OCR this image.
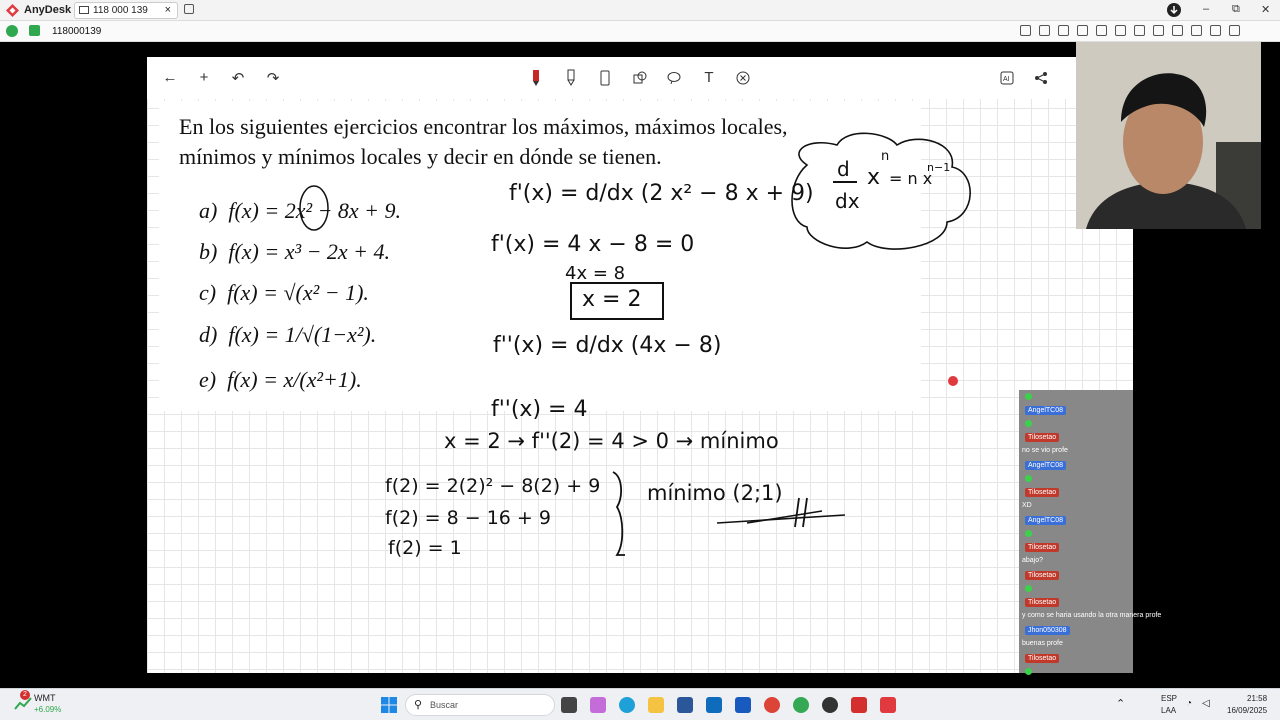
AnyDesk	118 000 139 ×	– ⧉ ✕
118000139
←	+	↶ ↷	T	AI
En los siguientes ejercicios encontrar los máximos, máximos locales,
mínimos y mínimos locales y decir en dónde se tienen.
a) f(x) = 2x² − 8x + 9.
b) f(x) = x³ − 2x + 4.
c) f(x) = √(x² − 1).
d) f(x) = 1/√(1−x²).
e) f(x) = x/(x²+1).
f'(x) = d/dx (2 x² − 8 x + 9)
f'(x) = 4 x − 8 = 0
4x = 8
x = 2
f''(x) = d/dx (4x − 8)
f''(x) = 4
x = 2 → f''(2) = 4 > 0 → mínimo
f(2) = 2(2)² − 8(2) + 9
f(2) = 8 − 16 + 9
f(2) = 1
mínimo (2;1)
d
dx
x
n
= n x
n−1
AngelTC08
Tilosetao
no se vio profe
AngelTC08
Tilosetao
XD
AngelTC08
Tilosetao
abajo?
Tilosetao
Tilosetao
y como se haria usando la otra manera profe
Jhon050308
buenas profe
Tilosetao
2 WMT
+6.09%	⚲ Buscar	⌃	ESP
LAA
◔ ◁	21:58
16/09/2025
